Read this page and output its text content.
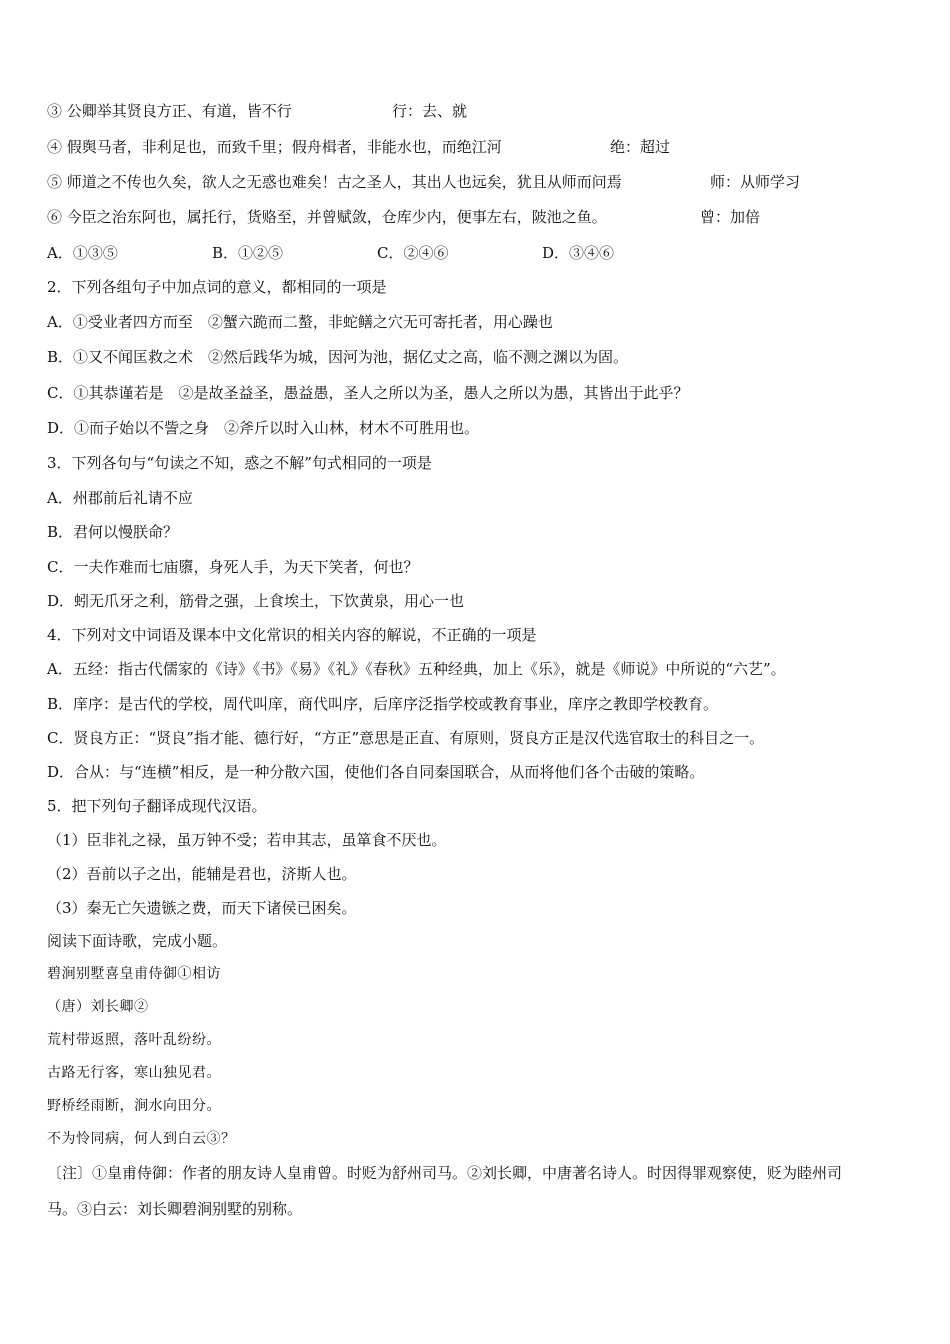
③ 公卿举其贤良方正、有道，皆不行	行：去、就
④ 假舆马者，非利足也，而致千里；假舟楫者，非能水也，而绝江河	绝：超过
⑤ 师道之不传也久矣，欲人之无惑也难矣！古之圣人，其出人也远矣，犹且从师而问焉	师：从师学习
⑥ 今臣之治东阿也，属托行，货赂至，并曾赋敛，仓库少内，便事左右，陂池之鱼。	曾：加倍
A．①③⑤	B．①②⑤	C．②④⑥	D．③④⑥
2．下列各组句子中加点词的意义，都相同的一项是
A．①受业者四方而至　②蟹六跪而二螯，非蛇鳝之穴无可寄托者，用心躁也
B．①又不闻匡救之术　②然后践华为城，因河为池，据亿丈之高，临不测之渊以为固。
C．①其恭谨若是　②是故圣益圣，愚益愚，圣人之所以为圣，愚人之所以为愚，其皆出于此乎？
D．①而子始以不訾之身　②斧斤以时入山林，材木不可胜用也。
3．下列各句与“句读之不知，惑之不解”句式相同的一项是
A．州郡前后礼请不应
B．君何以慢朕命？
C．一夫作难而七庙隳，身死人手，为天下笑者，何也？
D．蚓无爪牙之利，筋骨之强，上食埃土，下饮黄泉，用心一也
4．下列对文中词语及课本中文化常识的相关内容的解说，不正确的一项是
A．五经：指古代儒家的《诗》《书》《易》《礼》《春秋》五种经典，加上《乐》，就是《师说》中所说的“六艺”。
B．庠序：是古代的学校，周代叫庠，商代叫序，后庠序泛指学校或教育事业，庠序之教即学校教育。
C．贤良方正：“贤良”指才能、德行好，“方正”意思是正直、有原则，贤良方正是汉代选官取士的科目之一。
D．合从：与“连横”相反，是一种分散六国，使他们各自同秦国联合，从而将他们各个击破的策略。
5．把下列句子翻译成现代汉语。
（1）臣非礼之禄，虽万钟不受；若申其志，虽箪食不厌也。
（2）吾前以子之出，能辅是君也，济斯人也。
（3）秦无亡矢遗镞之费，而天下诸侯已困矣。
阅读下面诗歌，完成小题。
碧涧别墅喜皇甫侍御①相访
（唐）刘长卿②
荒村带返照，落叶乱纷纷。
古路无行客，寒山独见君。
野桥经雨断，涧水向田分。
不为怜同病，何人到白云③？
〔注〕①皇甫侍御：作者的朋友诗人皇甫曾。时贬为舒州司马。②刘长卿，中唐著名诗人。时因得罪观察使，贬为睦州司
马。③白云：刘长卿碧涧别墅的别称。
